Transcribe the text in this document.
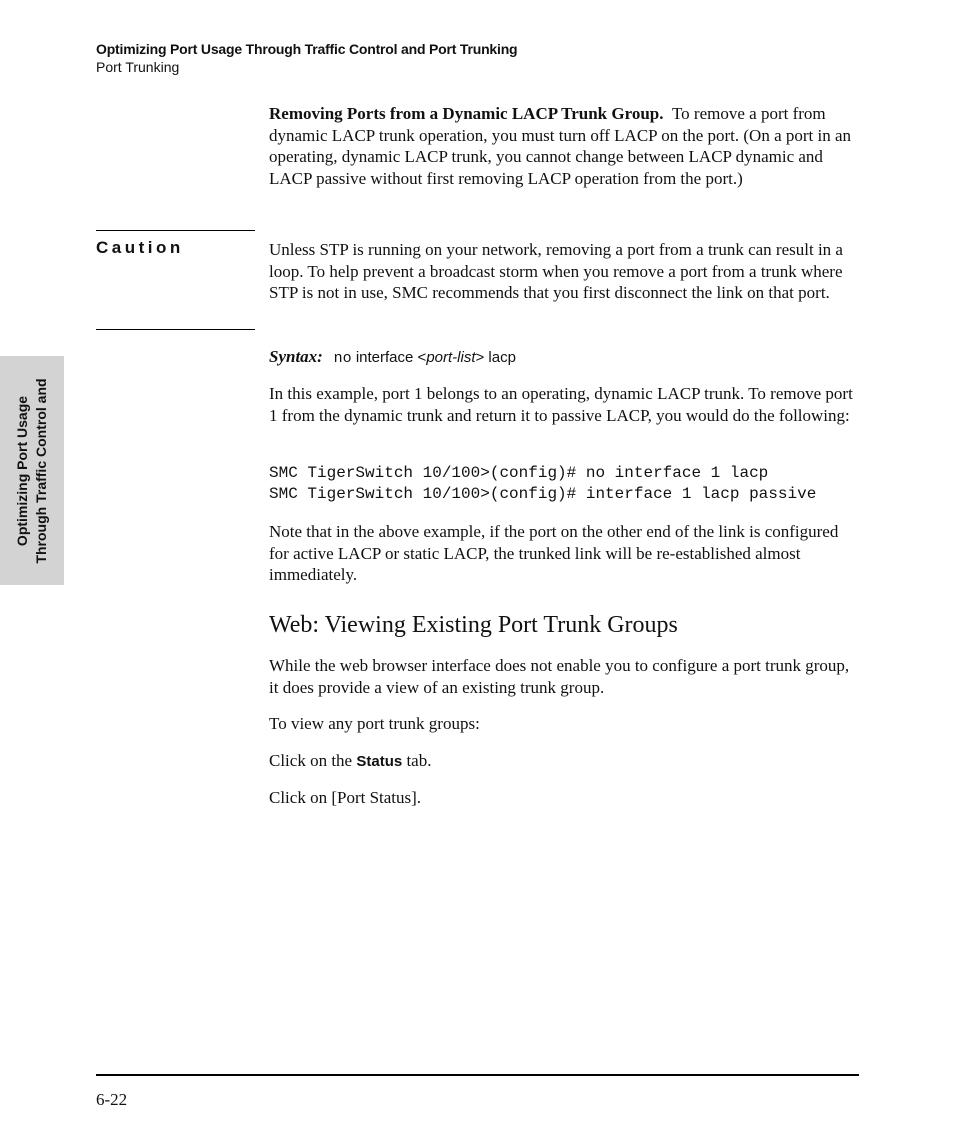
Optimizing Port Usage Through Traffic Control and Port Trunking
Port Trunking
Optimizing Port Usage Through Traffic Control and
Removing Ports from a Dynamic LACP Trunk Group. To remove a port from dynamic LACP trunk operation, you must turn off LACP on the port. (On a port in an operating, dynamic LACP trunk, you cannot change between LACP dynamic and LACP passive without first removing LACP operation from the port.)
Caution	Unless STP is running on your network, removing a port from a trunk can result in a loop. To help prevent a broadcast storm when you remove a port from a trunk where STP is not in use, SMC recommends that you first disconnect the link on that port.
Syntax: no interface <port-list> lacp
In this example, port 1 belongs to an operating, dynamic LACP trunk. To remove port 1 from the dynamic trunk and return it to passive LACP, you would do the following:
SMC TigerSwitch 10/100>(config)# no interface 1 lacp
SMC TigerSwitch 10/100>(config)# interface 1 lacp passive
Note that in the above example, if the port on the other end of the link is configured for active LACP or static LACP, the trunked link will be re-established almost immediately.
Web: Viewing Existing Port Trunk Groups
While the web browser interface does not enable you to configure a port trunk group, it does provide a view of an existing trunk group.
To view any port trunk groups:
Click on the Status tab.
Click on [Port Status].
6-22
